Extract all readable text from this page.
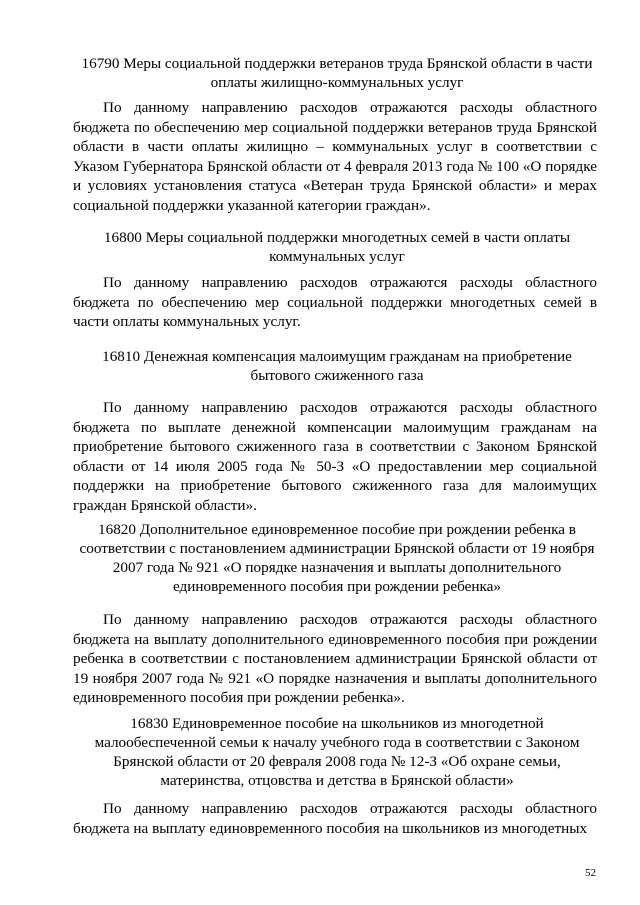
16790 Меры социальной поддержки ветеранов труда Брянской области в части оплаты жилищно-коммунальных услуг
По данному направлению расходов отражаются расходы областного бюджета по обеспечению мер социальной поддержки ветеранов труда Брянской области в части оплаты жилищно – коммунальных услуг в соответствии с Указом Губернатора Брянской области от 4 февраля 2013 года № 100 «О порядке и условиях установления статуса «Ветеран труда Брянской области» и мерах социальной поддержки указанной категории граждан».
16800 Меры социальной поддержки многодетных семей в части оплаты коммунальных услуг
По данному направлению расходов отражаются расходы областного бюджета по обеспечению мер социальной поддержки многодетных семей в части оплаты коммунальных услуг.
16810 Денежная компенсация малоимущим гражданам на приобретение бытового сжиженного газа
По данному направлению расходов отражаются расходы областного бюджета по выплате денежной компенсации малоимущим гражданам на приобретение бытового сжиженного газа в соответствии с Законом Брянской области от 14 июля 2005 года № 50-З «О предоставлении мер социальной поддержки на приобретение бытового сжиженного газа для малоимущих граждан Брянской области».
16820 Дополнительное единовременное пособие при рождении ребенка в соответствии с постановлением администрации Брянской области от 19 ноября 2007 года № 921 «О порядке назначения и выплаты дополнительного единовременного пособия при рождении ребенка»
По данному направлению расходов отражаются расходы областного бюджета на выплату дополнительного единовременного пособия при рождении ребенка в соответствии с постановлением администрации Брянской области от 19 ноября 2007 года № 921 «О порядке назначения и выплаты дополнительного единовременного пособия при рождении ребенка».
16830 Единовременное пособие на школьников из многодетной малообеспеченной семьи к началу учебного года в соответствии с Законом Брянской области от 20 февраля 2008 года № 12-З «Об охране семьи, материнства, отцовства и детства в Брянской области»
По данному направлению расходов отражаются расходы областного бюджета на выплату единовременного пособия на школьников из многодетных
52
